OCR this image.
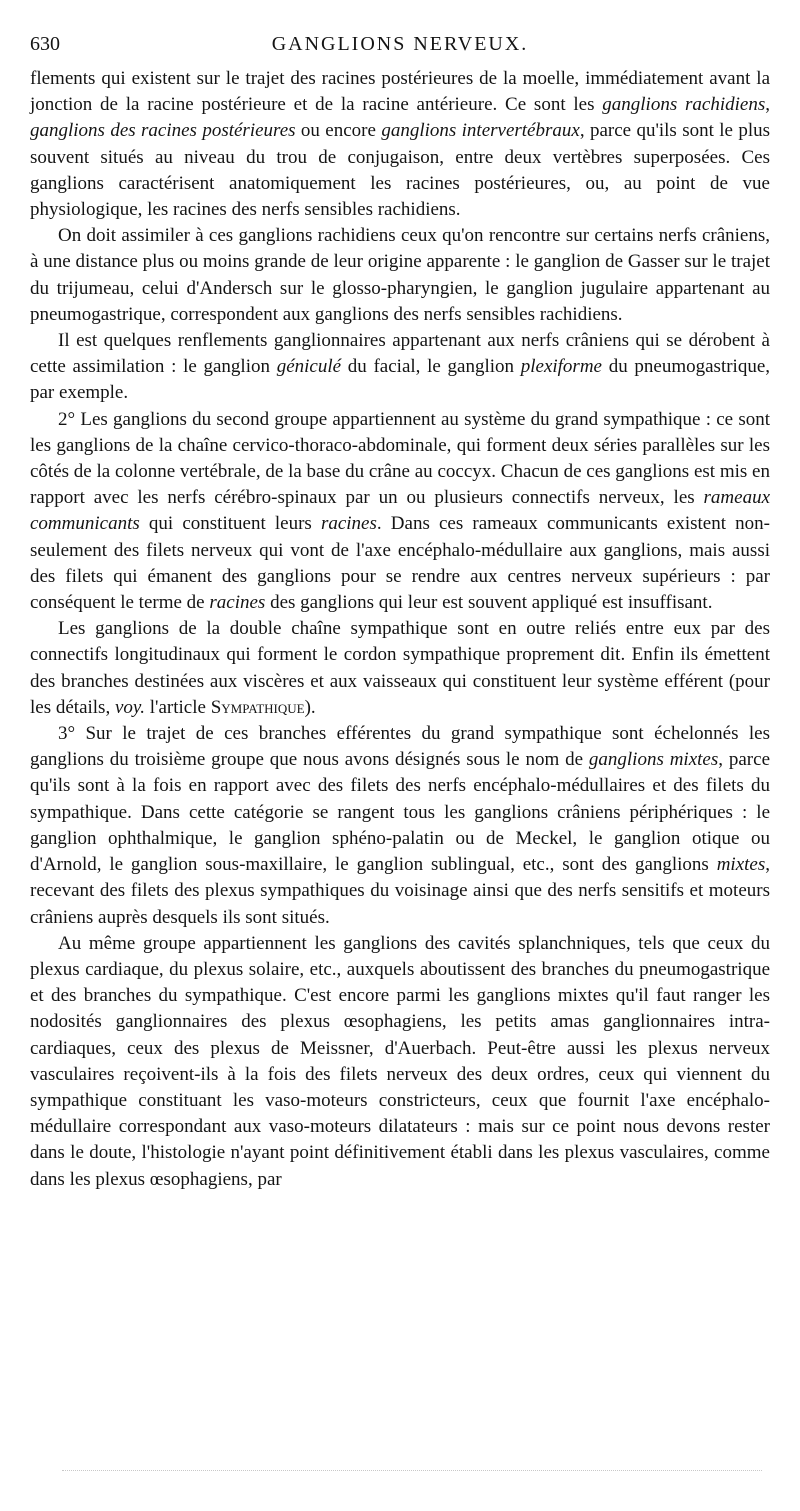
630	GANGLIONS NERVEUX.

flements qui existent sur le trajet des racines postérieures de la moelle, immédiatement avant la jonction de la racine postérieure et de la racine antérieure. Ce sont les ganglions rachidiens, ganglions des racines postérieures ou encore ganglions intervertébraux, parce qu'ils sont le plus souvent situés au niveau du trou de conjugaison, entre deux vertèbres superposées. Ces ganglions caractérisent anatomiquement les racines postérieures, ou, au point de vue physiologique, les racines des nerfs sensibles rachidiens.

On doit assimiler à ces ganglions rachidiens ceux qu'on rencontre sur certains nerfs crâniens, à une distance plus ou moins grande de leur origine apparente : le ganglion de Gasser sur le trajet du trijumeau, celui d'Andersch sur le glosso-pharyngien, le ganglion jugulaire appartenant au pneumogastrique, correspondent aux ganglions des nerfs sensibles rachidiens.

Il est quelques renflements ganglionnaires appartenant aux nerfs crâniens qui se dérobent à cette assimilation : le ganglion géniculé du facial, le ganglion plexiforme du pneumogastrique, par exemple.

2° Les ganglions du second groupe appartiennent au système du grand sympathique : ce sont les ganglions de la chaîne cervico-thoraco-abdominale, qui forment deux séries parallèles sur les côtés de la colonne vertébrale, de la base du crâne au coccyx. Chacun de ces ganglions est mis en rapport avec les nerfs cérébro-spinaux par un ou plusieurs connectifs nerveux, les rameaux communicants qui constituent leurs racines. Dans ces rameaux communicants existent non-seulement des filets nerveux qui vont de l'axe encéphalo-médullaire aux ganglions, mais aussi des filets qui émanent des ganglions pour se rendre aux centres nerveux supérieurs : par conséquent le terme de racines des ganglions qui leur est souvent appliqué est insuffisant.

Les ganglions de la double chaîne sympathique sont en outre reliés entre eux par des connectifs longitudinaux qui forment le cordon sympathique proprement dit. Enfin ils émettent des branches destinées aux viscères et aux vaisseaux qui constituent leur système efférent (pour les détails, voy. l'article Sympathique).

3° Sur le trajet de ces branches efférentes du grand sympathique sont échelonnés les ganglions du troisième groupe que nous avons désignés sous le nom de ganglions mixtes, parce qu'ils sont à la fois en rapport avec des filets des nerfs encéphalo-médullaires et des filets du sympathique. Dans cette catégorie se rangent tous les ganglions crâniens périphériques : le ganglion ophthalmique, le ganglion sphéno-palatin ou de Meckel, le ganglion otique ou d'Arnold, le ganglion sous-maxillaire, le ganglion sublingual, etc., sont des ganglions mixtes, recevant des filets des plexus sympathiques du voisinage ainsi que des nerfs sensitifs et moteurs crâniens auprès desquels ils sont situés.

Au même groupe appartiennent les ganglions des cavités splanchniques, tels que ceux du plexus cardiaque, du plexus solaire, etc., auxquels aboutissent des branches du pneumogastrique et des branches du sympathique. C'est encore parmi les ganglions mixtes qu'il faut ranger les nodosités ganglionnaires des plexus œsophagiens, les petits amas ganglionnaires intra-cardiaques, ceux des plexus de Meissner, d'Auerbach. Peut-être aussi les plexus nerveux vasculaires reçoivent-ils à la fois des filets nerveux des deux ordres, ceux qui viennent du sympathique constituant les vaso-moteurs constricteurs, ceux que fournit l'axe encéphalo-médullaire correspondant aux vaso-moteurs dilatateurs : mais sur ce point nous devons rester dans le doute, l'histologie n'ayant point définitivement établi dans les plexus vasculaires, comme dans les plexus œsophagiens, par
